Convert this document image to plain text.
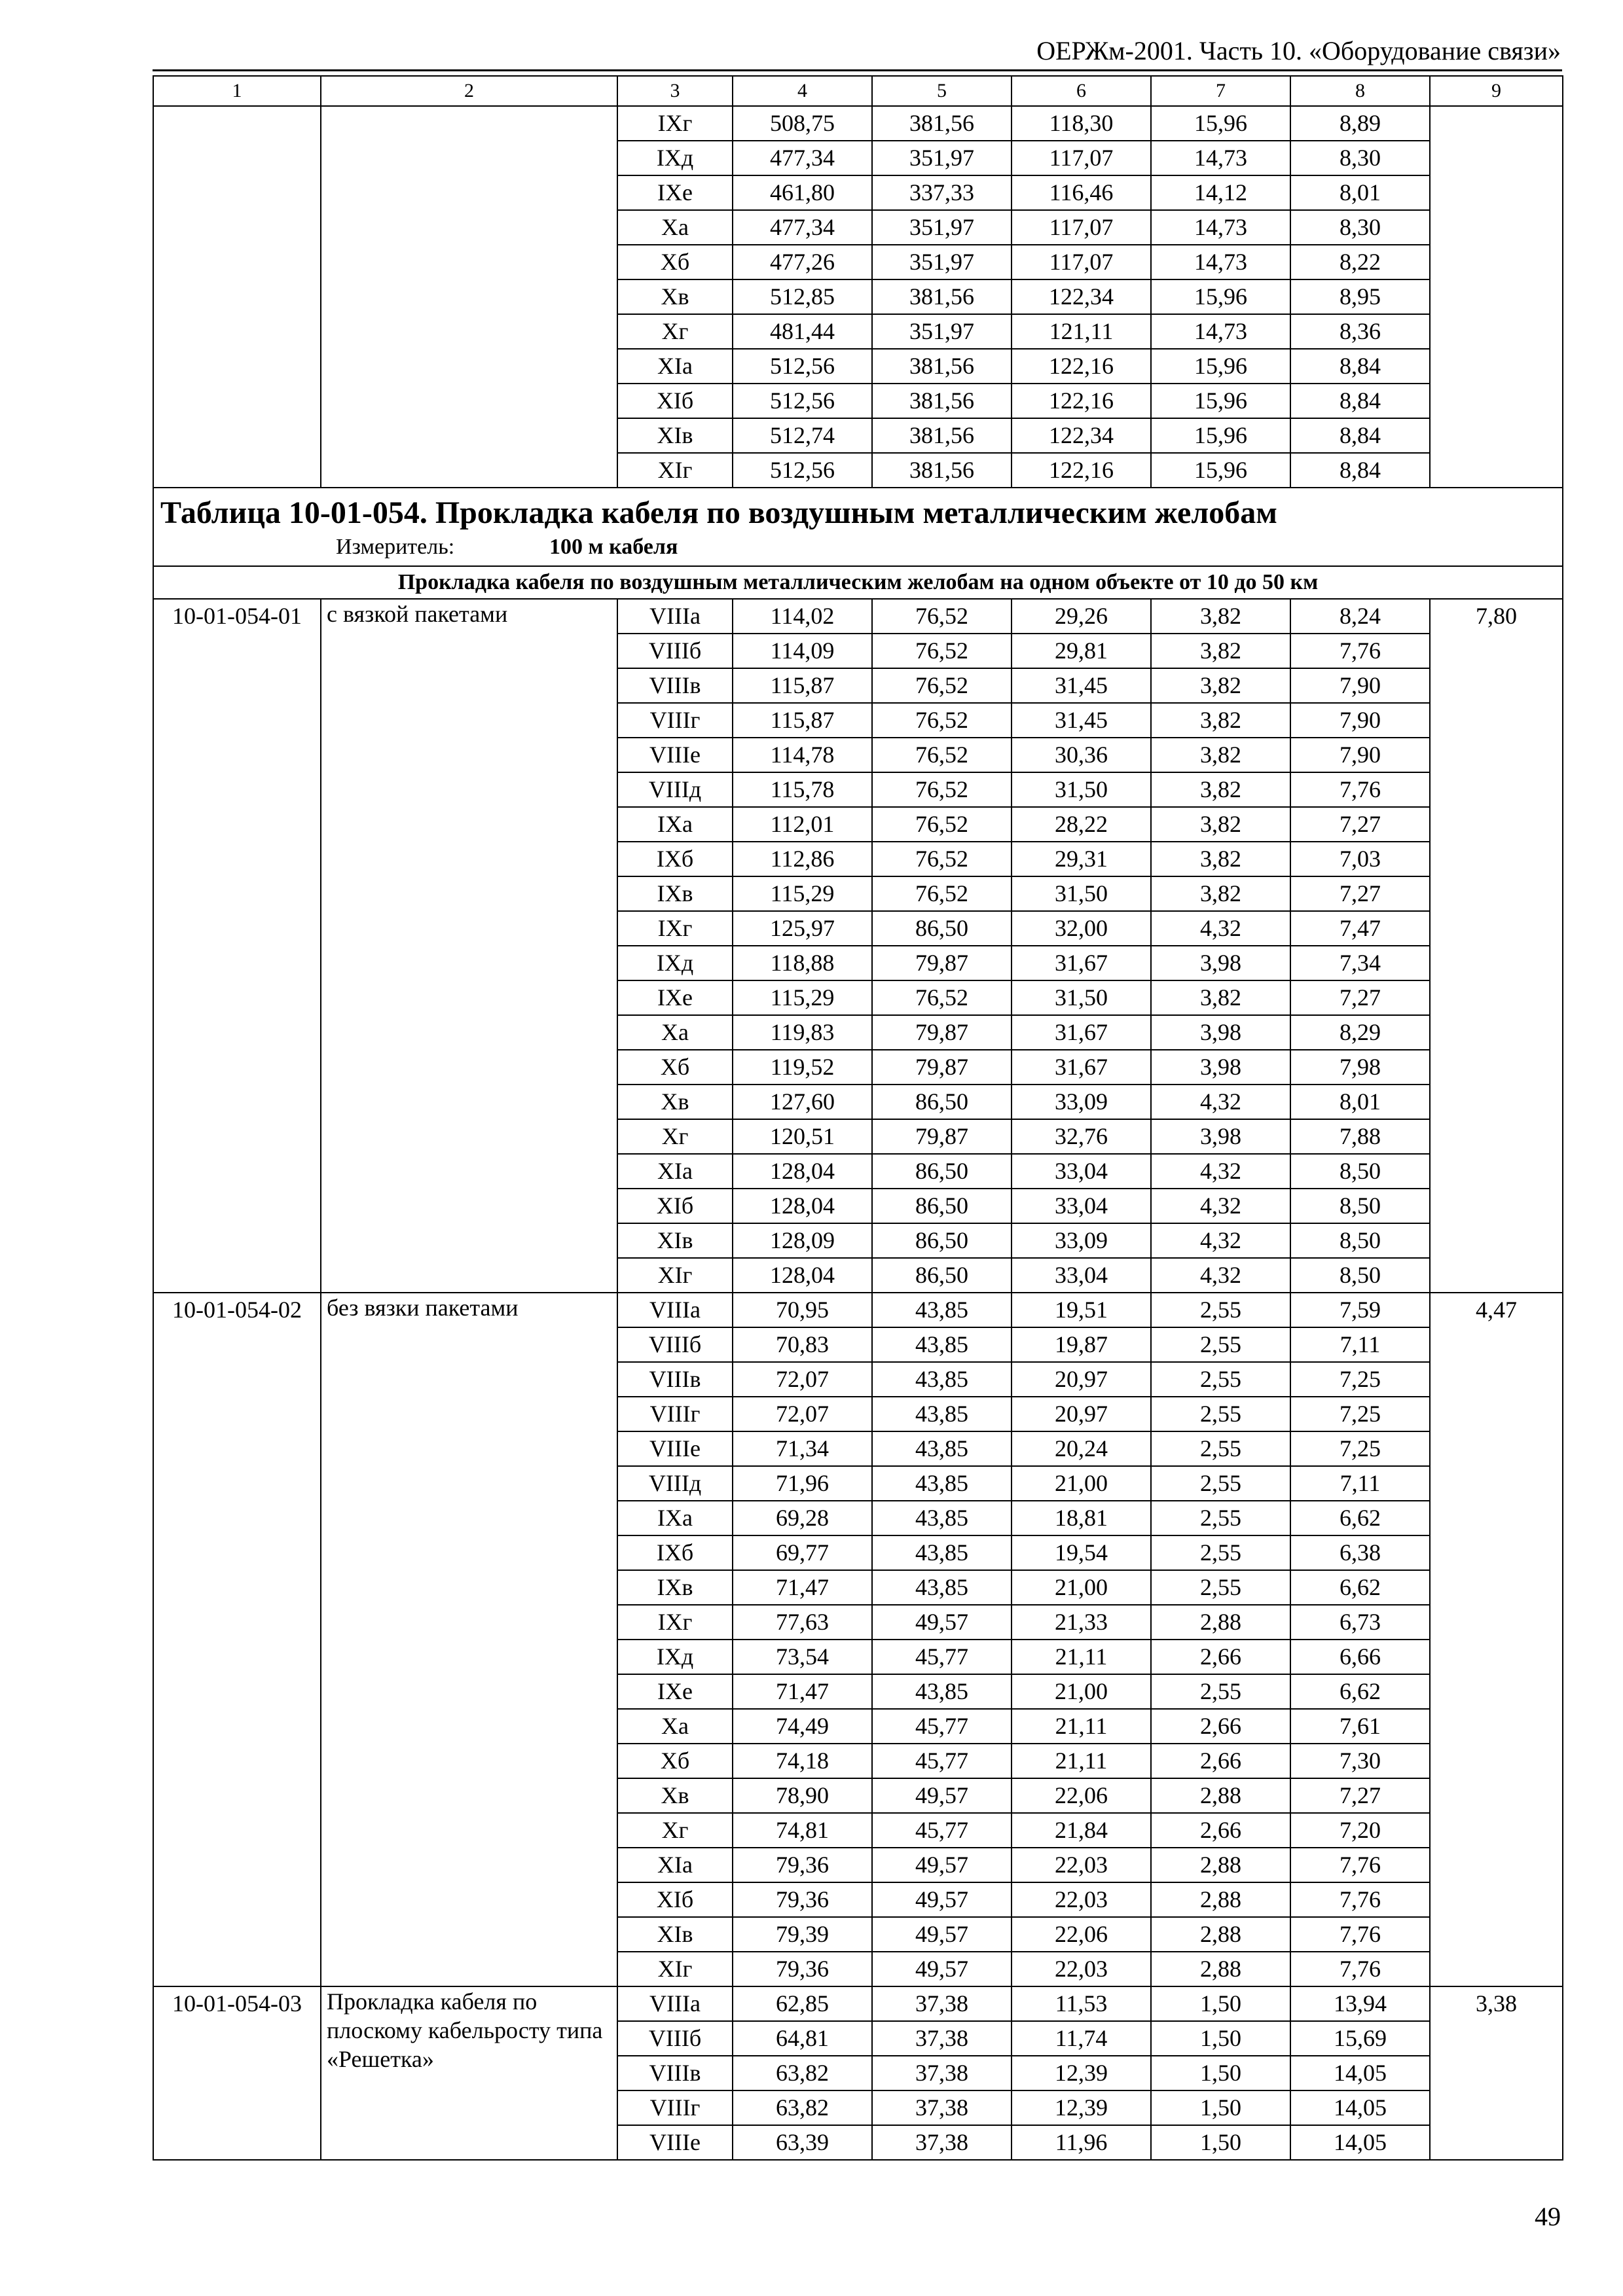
ОЕРЖм-2001. Часть 10. «Оборудование связи»
1	2	3	4	5	6	7	8	9
		IXг	508,75	381,56	118,30	15,96	8,89	
		IXд	477,34	351,97	117,07	14,73	8,30	
		IXе	461,80	337,33	116,46	14,12	8,01	
		Xа	477,34	351,97	117,07	14,73	8,30	
		Xб	477,26	351,97	117,07	14,73	8,22	
		Xв	512,85	381,56	122,34	15,96	8,95	
		Xг	481,44	351,97	121,11	14,73	8,36	
		XIа	512,56	381,56	122,16	15,96	8,84	
		XIб	512,56	381,56	122,16	15,96	8,84	
		XIв	512,74	381,56	122,34	15,96	8,84	
		XIг	512,56	381,56	122,16	15,96	8,84	

Таблица 10-01-054. Прокладка кабеля по воздушным металлическим желобам
Измеритель: 100 м кабеля								

Прокладка кабеля по воздушным металлическим желобам на одном объекте от 10 до 50 км								
10-01-054-01	с вязкой пакетами	VIIIа	114,02	76,52	29,26	3,82	8,24	7,80
		VIIIб	114,09	76,52	29,81	3,82	7,76	
		VIIIв	115,87	76,52	31,45	3,82	7,90	
		VIIIг	115,87	76,52	31,45	3,82	7,90	
		VIIIе	114,78	76,52	30,36	3,82	7,90	
		VIIIд	115,78	76,52	31,50	3,82	7,76	
		IXа	112,01	76,52	28,22	3,82	7,27	
		IXб	112,86	76,52	29,31	3,82	7,03	
		IXв	115,29	76,52	31,50	3,82	7,27	
		IXг	125,97	86,50	32,00	4,32	7,47	
		IXд	118,88	79,87	31,67	3,98	7,34	
		IXе	115,29	76,52	31,50	3,82	7,27	
		Xа	119,83	79,87	31,67	3,98	8,29	
		Xб	119,52	79,87	31,67	3,98	7,98	
		Xв	127,60	86,50	33,09	4,32	8,01	
		Xг	120,51	79,87	32,76	3,98	7,88	
		XIа	128,04	86,50	33,04	4,32	8,50	
		XIб	128,04	86,50	33,04	4,32	8,50	
		XIв	128,09	86,50	33,09	4,32	8,50	
		XIг	128,04	86,50	33,04	4,32	8,50	
10-01-054-02	без вязки пакетами	VIIIа	70,95	43,85	19,51	2,55	7,59	4,47
		VIIIб	70,83	43,85	19,87	2,55	7,11	
		VIIIв	72,07	43,85	20,97	2,55	7,25	
		VIIIг	72,07	43,85	20,97	2,55	7,25	
		VIIIе	71,34	43,85	20,24	2,55	7,25	
		VIIIд	71,96	43,85	21,00	2,55	7,11	
		IXа	69,28	43,85	18,81	2,55	6,62	
		IXб	69,77	43,85	19,54	2,55	6,38	
		IXв	71,47	43,85	21,00	2,55	6,62	
		IXг	77,63	49,57	21,33	2,88	6,73	
		IXд	73,54	45,77	21,11	2,66	6,66	
		IXе	71,47	43,85	21,00	2,55	6,62	
		Xа	74,49	45,77	21,11	2,66	7,61	
		Xб	74,18	45,77	21,11	2,66	7,30	
		Xв	78,90	49,57	22,06	2,88	7,27	
		Xг	74,81	45,77	21,84	2,66	7,20	
		XIа	79,36	49,57	22,03	2,88	7,76	
		XIб	79,36	49,57	22,03	2,88	7,76	
		XIв	79,39	49,57	22,06	2,88	7,76	
		XIг	79,36	49,57	22,03	2,88	7,76	
10-01-054-03	Прокладка кабеля по плоскому кабельросту типа «Решетка»	VIIIа	62,85	37,38	11,53	1,50	13,94	3,38
		VIIIб	64,81	37,38	11,74	1,50	15,69	
		VIIIв	63,82	37,38	12,39	1,50	14,05	
		VIIIг	63,82	37,38	12,39	1,50	14,05	
		VIIIе	63,39	37,38	11,96	1,50	14,05	
49
